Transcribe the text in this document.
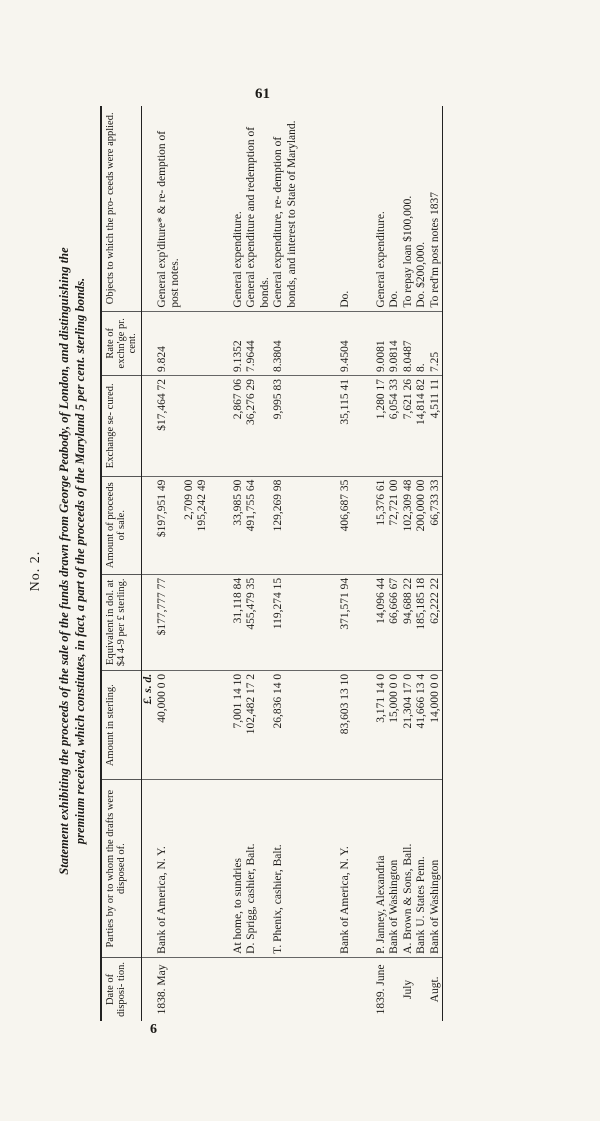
61
6
No. 2. Statement exhibiting the proceeds of the sale of the funds drawn from George Peabody, of London, and distinguishing the premium received, which constitutes, in fact, a part of the proceeds of the Maryland 5 per cent. sterling bonds.
Date of disposi- tion.	Parties by or to whom the drafts were disposed of.	Amount in sterling.	Equivalent in dol. at $4 4-9 per £ sterling.	Amount of proceeds of sale.	Exchange se- cured.	Rate of exchn'ge pr. cent.	Objects to which the pro- ceeds were applied.
		£. s. d.					
1838. May	Bank of America, N. Y.	40,000 0 0	$177,777 77	$197,951 49	$17,464 72	9.824	General exp'diture* & re- demption of post notes.
				2,709 00			
				195,242 49			

	At home, to sundries	7,001 14 10	31,118 84	33,985 90	2,867 06	9.1352	General expenditure.
	D. Sprigg, cashier, Balt.	102,482 17 2	455,479 35	491,755 64	36,276 29	7.9644	General expenditure and redemption of bonds.
	T. Phenix, cashier, Balt.	26,836 14 0	119,274 15	129,269 98	9,995 83	8.3804	General expenditure, re- demption of bonds, and interest to State of Maryland.

	Bank of America, N. Y.	83,603 13 10	371,571 94	406,687 35	35,115 41	9.4504	Do.

1839. June	P. Janney, Alexandria	3,171 14 0	14,096 44	15,376 61	1,280 17	9.0081	General expenditure.
	Bank of Washington	15,000 0 0	66,666 67	72,721 00	6,054 33	9.0814	Do.
July	A. Brown & Sons, Ball.	21,304 17 0	94,688 22	102,309 48	7,621 26	8.0487	To repay loan $100,000.
	Bank U. States Penn.	41,666 13 4	185,185 18	200,000 00	14,814 82	8.	Do. $200,000.
Augt.	Bank of Washington	14,000 0 0	62,222 22	66,733 33	4,511 11	7.25	To red'm post notes 1837
